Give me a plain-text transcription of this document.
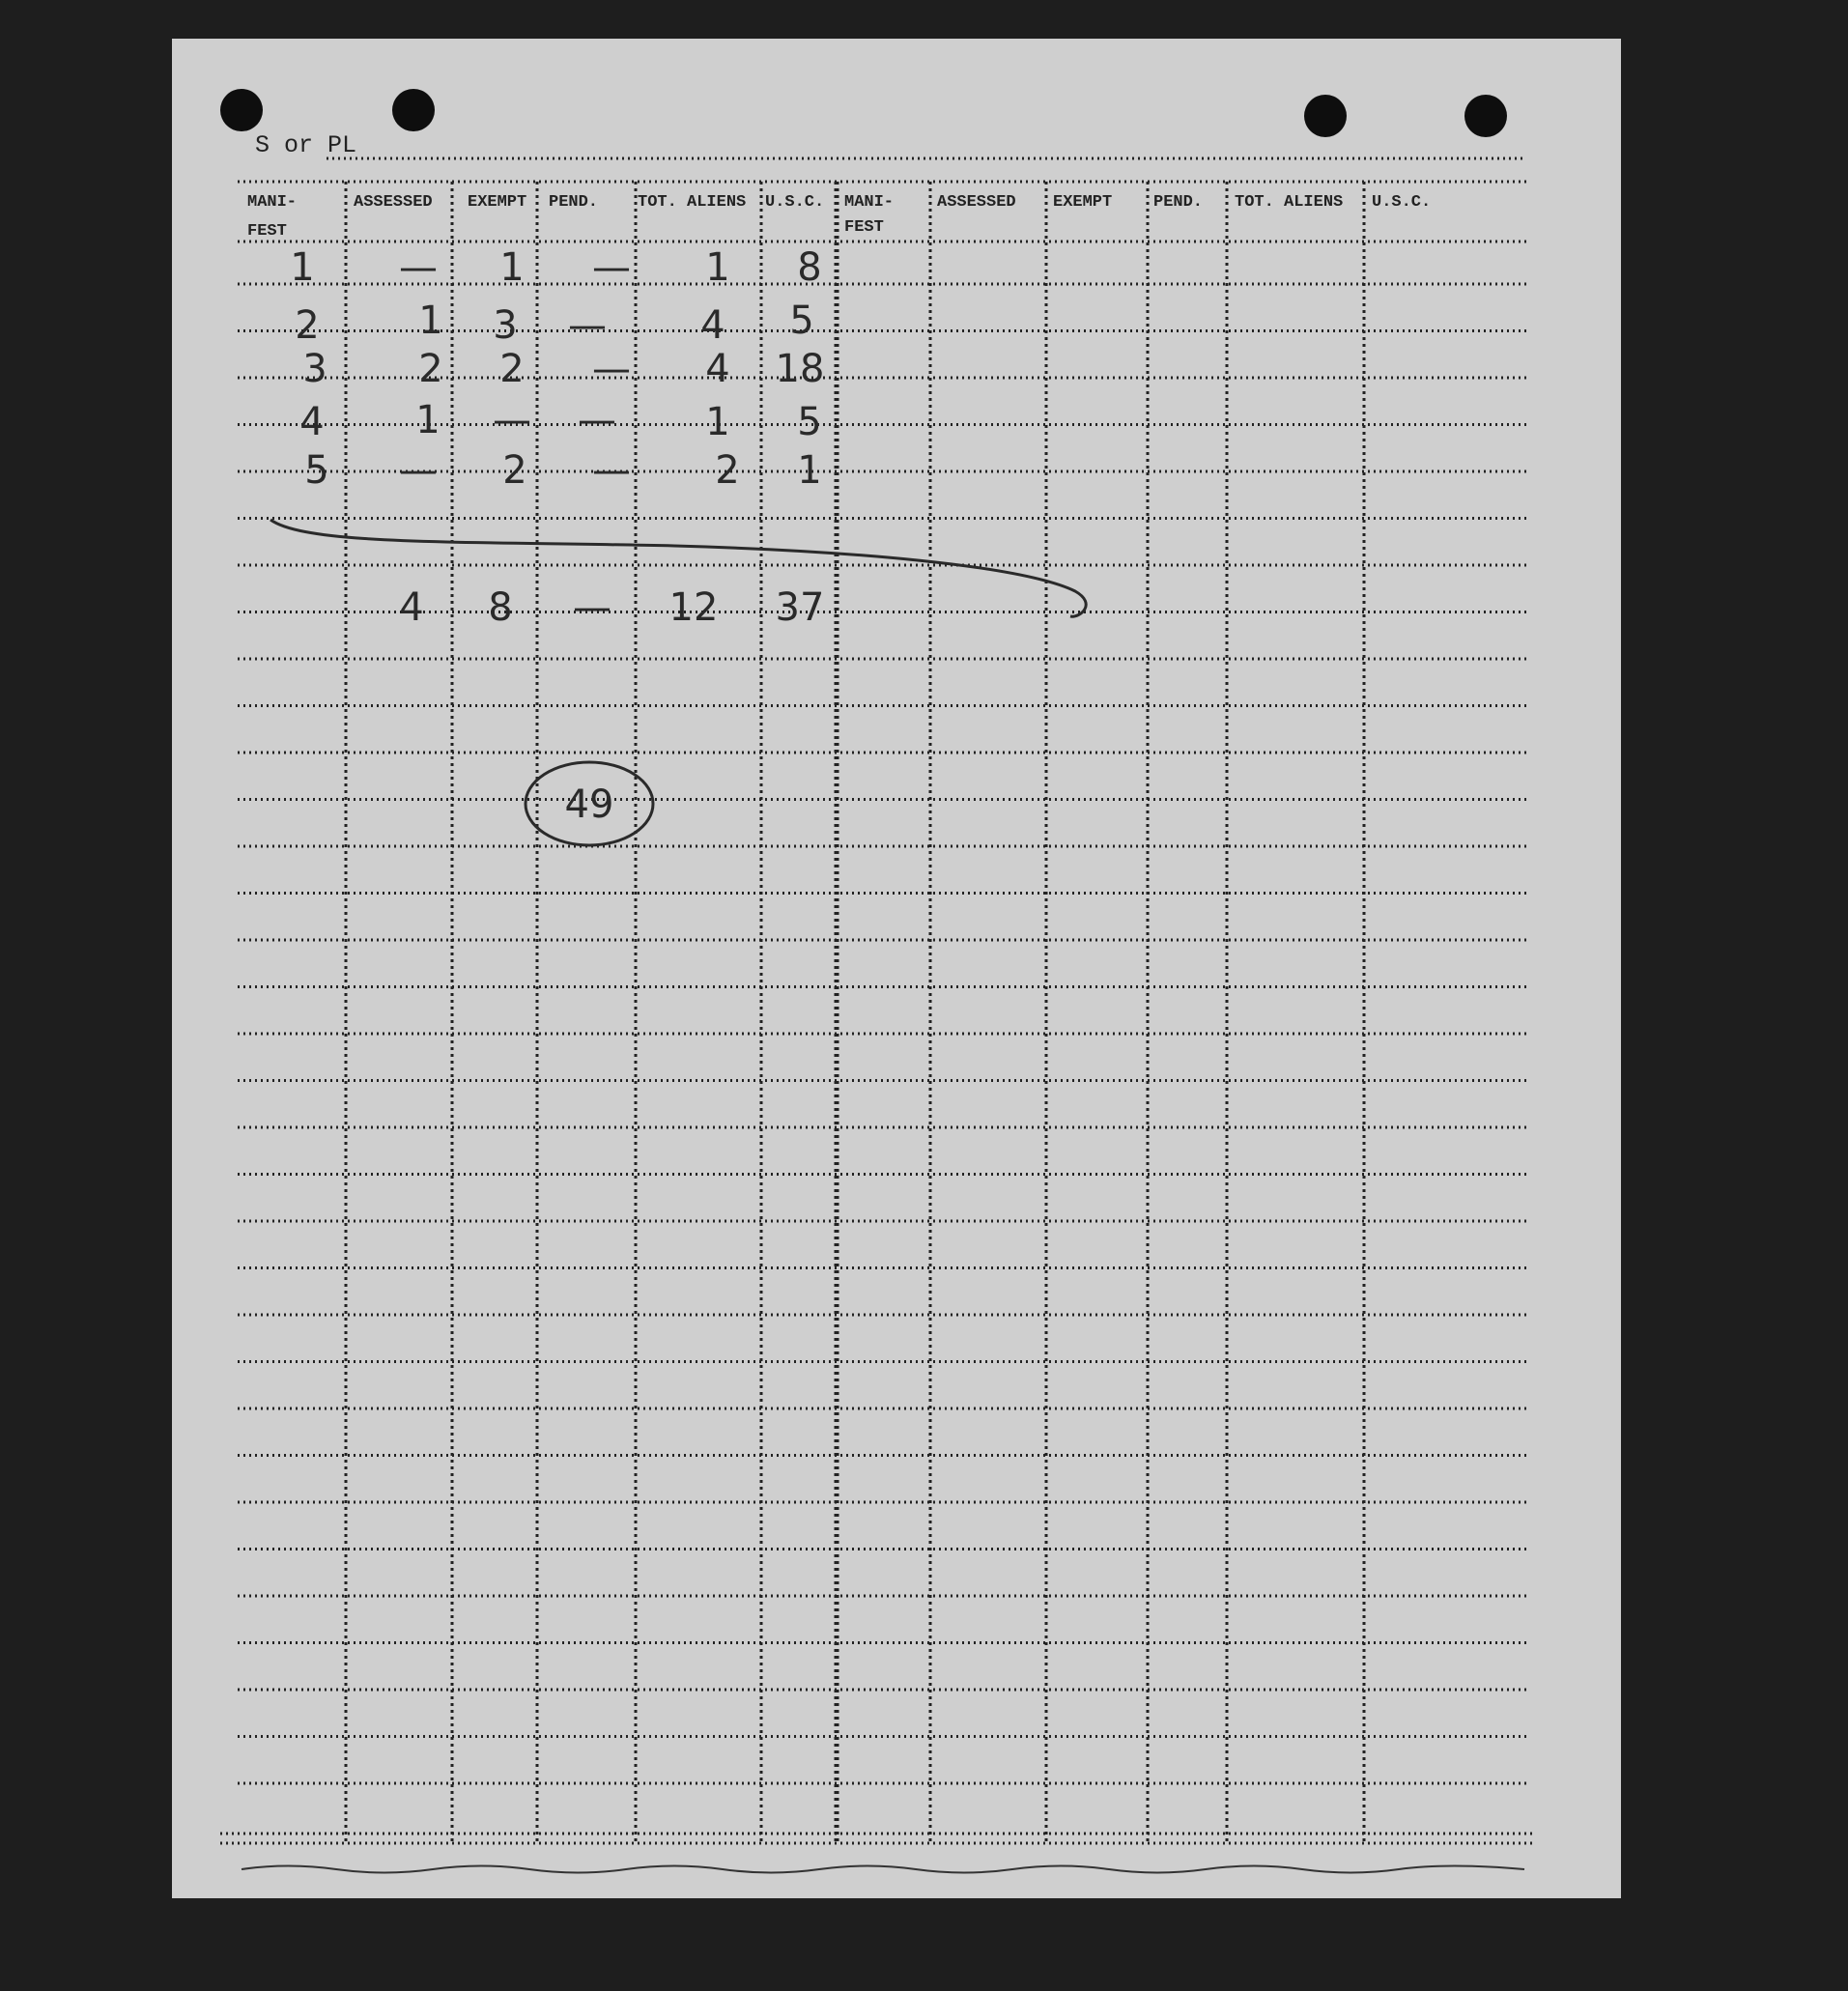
S or PL
MANI-
FEST
ASSESSED EXEMPT PEND. TOT. ALIENS U.S.C. MANI-
FEST
ASSESSED EXEMPT	PEND. TOT. ALIENS U.S.C.
1 — 1 — 1 8
2	1 3 — 4 5
3 2 2 — 4 18
4 1 — — 1 5
5 — 2 — 2 1
4 8 — 12 37
49
